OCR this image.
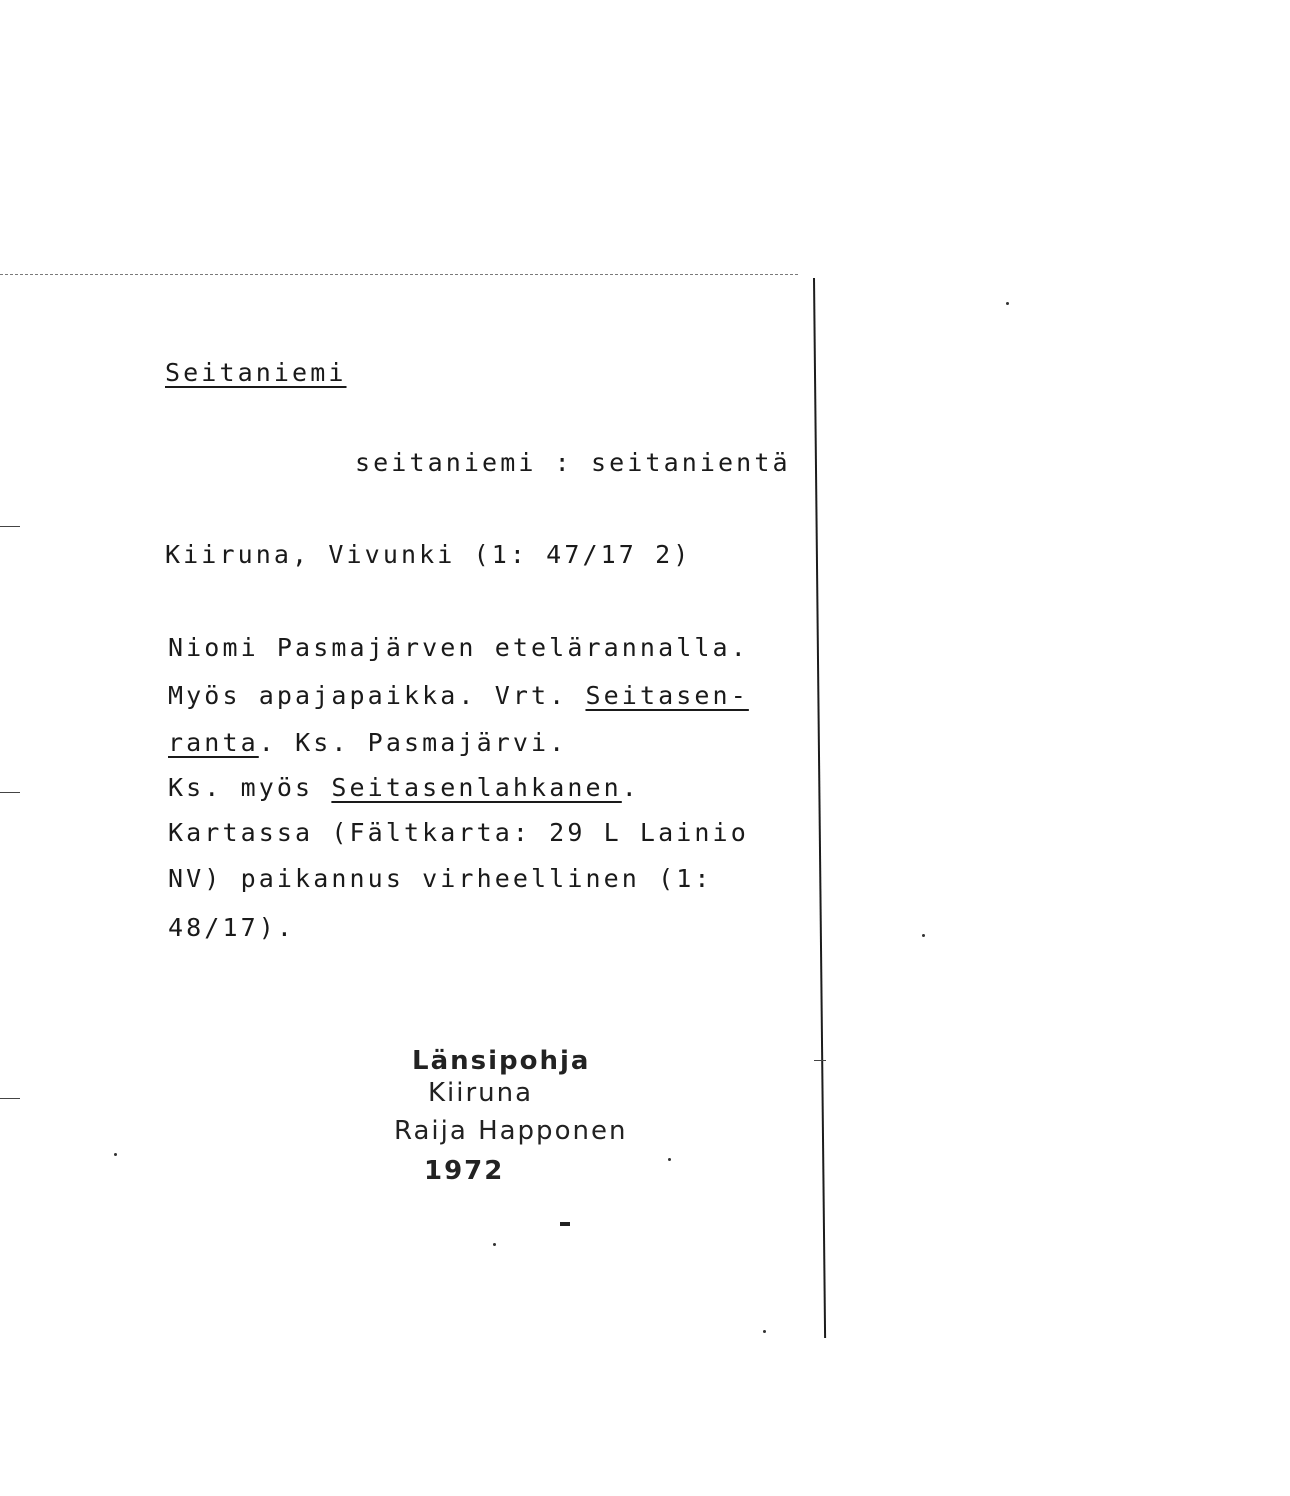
Seitaniemi
seitaniemi : seitanientä
Kiiruna, Vivunki (1: 47/17 2)
Niomi Pasmajärven etelärannalla.
Myös apajapaikka. Vrt. Seitasen-
ranta. Ks. Pasmajärvi.
Ks. myös Seitasenlahkanen.
Kartassa (Fältkarta: 29 L Lainio
NV) paikannus virheellinen (1:
48/17).
Länsipohja
Kiiruna
Raija Happonen
1972
